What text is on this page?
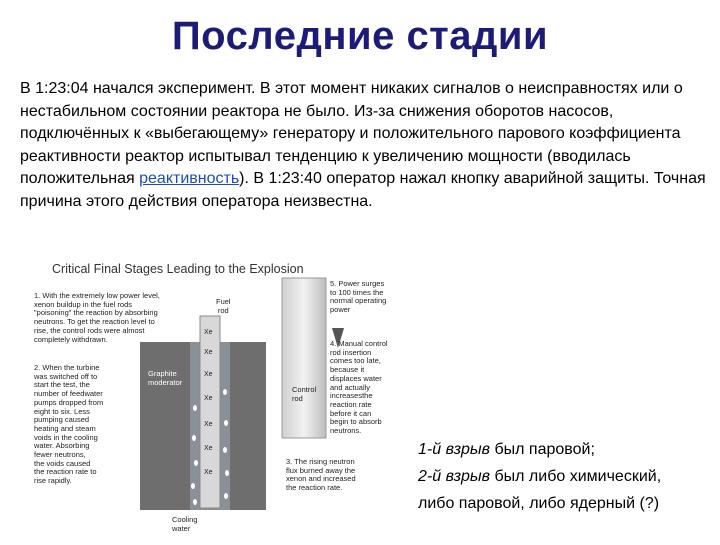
Последние стадии
В 1:23:04 начался эксперимент. В этот момент никаких сигналов о неисправностях или о нестабильном состоянии реактора не было. Из-за снижения оборотов насосов, подключённых к «выбегающему» генератору и положительного парового коэффициента реактивности реактор испытывал тенденцию к увеличению мощности (вводилась положительная реактивность). В 1:23:40 оператор нажал кнопку аварийной защиты. Точная причина этого действия оператора неизвестна.
Critical Final Stages Leading to the Explosion
Xe
Xe
Xe
Xe
Xe
Xe
Xe
1. With the extremely low power level,
xenon buildup in the fuel rods
"poisoning" the reaction by absorbing
neutrons. To get the reaction level to
rise, the control rods were almost
completely withdrawn.
2. When the turbine
was switched off to
start the test, the
number of feedwater
pumps dropped from
eight to six. Less
pumping caused
heating and steam
voids in the cooling
water. Absorbing
fewer neutrons,
the voids caused
the reaction rate to
rise rapidly.
3. The rising neutron
flux burned away the
xenon and increased
the reaction rate.
4. Manual control
rod insertion
comes too late,
because it
displaces water
and actually
increasesthe
reaction rate
before it can
begin to absorb
neutrons.
5. Power surges
to 100 times the
normal operating
power
Fuel
rod
Control
rod
Graphite
moderator
Cooling
water
1-й взрыв был паровой;
2-й взрыв был либо химический,
либо паровой, либо ядерный (?)
